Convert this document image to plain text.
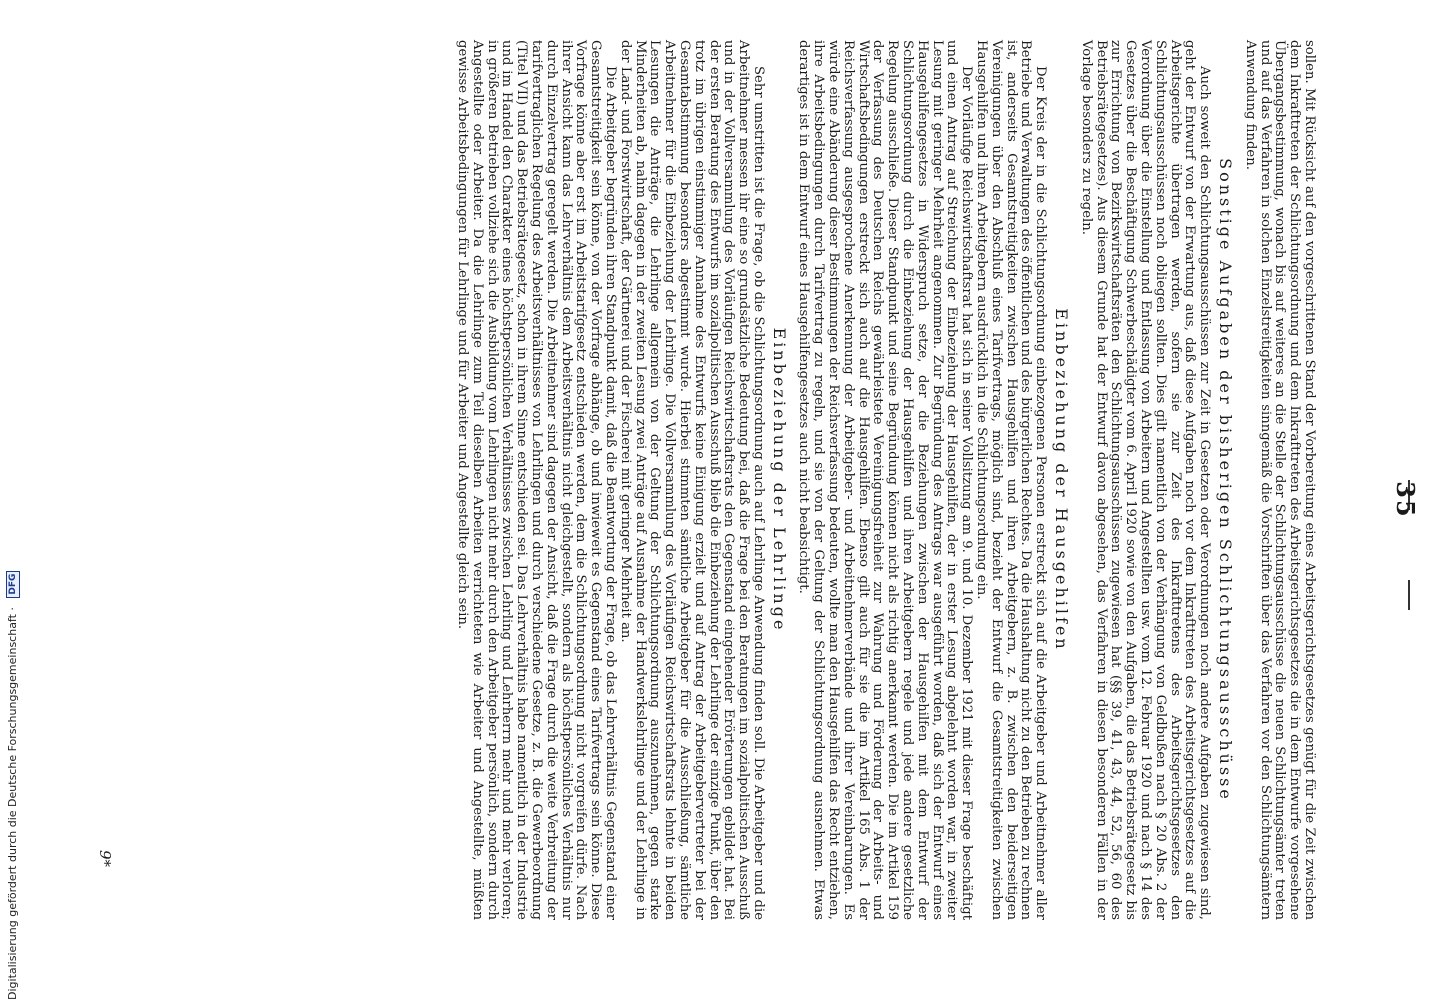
35

sollen. Mit Rücksicht auf den vorgeschrittenen Stand der Vorbereitung eines Arbeitsgerichtsgesetzes genügt für die Zeit zwischen dem Inkrafttreten der Schlichtungsordnung und dem Inkrafttreten des Arbeitsgerichtsgesetzes die in dem Entwurfe vorgesehene Übergangsbestimmung, wonach bis auf weiteres an die Stelle der Schlichtungsausschüsse die neuen Schlichtungsämter treten und auf das Verfahren in solchen Einzelstreitigkeiten sinngemäß die Vorschriften über das Verfahren vor den Schlichtungsämtern Anwendung finden.

Sonstige Aufgaben der bisherigen Schlichtungsausschüsse

Auch soweit den Schlichtungsausschüssen zur Zeit in Gesetzen oder Verordnungen noch andere Aufgaben zugewiesen sind, geht der Entwurf von der Erwartung aus, daß diese Aufgaben noch vor dem Inkrafttreten des Arbeitsgerichtsgesetzes auf die Arbeitsgerichte übertragen werden, sofern sie zur Zeit des Inkrafttretens des Arbeitsgerichtsgesetzes den Schlichtungsausschüssen noch obliegen sollten. Dies gilt namentlich von der Verhängung von Geldbußen nach § 20 Abs. 2 der Verordnung über die Einstellung und Entlassung von Arbeitern und Angestellten usw. vom 12. Februar 1920 und nach § 14 des Gesetzes über die Beschäftigung Schwerbeschädigter vom 6. April 1920 sowie von den Aufgaben, die das Betriebsrätegesetz bis zur Errichtung von Bezirkswirtschaftsräten den Schlichtungsausschüssen zugewiesen hat (§§ 39, 41, 43, 44, 52, 56, 60 des Betriebsrätegesetzes). Aus diesem Grunde hat der Entwurf davon abgesehen, das Verfahren in diesen besonderen Fällen in der Vorlage besonders zu regeln.

Einbeziehung der Hausgehilfen

Der Kreis der in die Schlichtungsordnung einbezogenen Personen erstreckt sich auf die Arbeitgeber und Arbeitnehmer aller Betriebe und Verwaltungen des öffentlichen und des bürgerlichen Rechtes. Da die Haushaltung nicht zu den Betrieben zu rechnen ist, anderseits Gesamtstreitigkeiten zwischen Hausgehilfen und ihren Arbeitgebern, z. B. zwischen den beiderseitigen Vereinigungen über den Abschluß eines Tarifvertrags, möglich sind, bezieht der Entwurf die Gesamtstreitigkeiten zwischen Hausgehilfen und ihren Arbeitgebern ausdrücklich in die Schlichtungsordnung ein.

Der Vorläufige Reichswirtschaftsrat hat sich in seiner Vollsitzung am 9. und 10. Dezember 1921 mit dieser Frage beschäftigt und einen Antrag auf Streichung der Einbeziehung der Hausgehilfen, der in erster Lesung abgelehnt worden war, in zweiter Lesung mit geringer Mehrheit angenommen. Zur Begründung des Antrags war ausgeführt worden, daß sich der Entwurf eines Hausgehilfengesetzes in Widerspruch setze, der die Beziehungen zwischen der Hausgehilfen mit dem Entwurf der Schlichtungsordnung durch die Einbeziehung der Hausgehilfen und ihren Arbeitgebern regele und jede andere gesetzliche Regelung ausschließe. Dieser Standpunkt und seine Begründung können nicht als richtig anerkannt werden. Die im Artikel 159 der Verfassung des Deutschen Reichs gewährleistete Vereinigungsfreiheit zur Wahrung und Förderung der Arbeits- und Wirtschaftsbedingungen erstreckt sich auch auf die Hausgehilfen. Ebenso gilt auch für sie die im Artikel 165 Abs. 1 der Reichsverfassung ausgesprochene Anerkennung der Arbeitgeber- und Arbeitnehmerverbände und ihrer Vereinbarungen. Es würde eine Abänderung dieser Bestimmungen der Reichsverfassung bedeuten, wollte man den Hausgehilfen das Recht entziehen, ihre Arbeitsbedingungen durch Tarifvertrag zu regeln, und sie von der Geltung der Schlichtungsordnung ausnehmen. Etwas derartiges ist in dem Entwurf eines Hausgehilfengesetzes auch nicht beabsichtigt.

Einbeziehung der Lehrlinge

Sehr umstritten ist die Frage, ob die Schlichtungsordnung auch auf Lehrlinge Anwendung finden soll. Die Arbeitgeber und die Arbeitnehmer messen ihr eine so grundsätzliche Bedeutung bei, daß die Frage bei den Beratungen im sozialpolitischen Ausschuß und in der Vollversammlung des Vorläufigen Reichswirtschaftsrats den Gegenstand eingehender Erörterungen gebildet hat. Bei der ersten Beratung des Entwurfs im sozialpolitischen Ausschuß blieb die Einbeziehung der Lehrlinge der einzige Punkt, über den trotz im übrigen einstimmiger Annahme des Entwurfs keine Einigung erzielt und auf Antrag der Arbeitgebervertreter bei der Gesamtabstimmung besonders abgestimmt wurde. Hierbei stimmten sämtliche Arbeitgeber für die Ausschließung, sämtliche Arbeitnehmer für die Einbeziehung der Lehrlinge. Die Vollversammlung des Vorläufigen Reichswirtschaftsrats lehnte in beiden Lesungen die Anträge, die Lehrlinge allgemein von der Geltung der Schlichtungsordnung auszunehmen, gegen starke Minderheiten ab, nahm dagegen in der zweiten Lesung zwei Anträge auf Ausnahme der Handwerkslehrlinge und der Lehrlinge in der Land- und Forstwirtschaft, der Gärtnerei und der Fischerei mit geringer Mehrheit an.

Die Arbeitgeber begründen ihren Standpunkt damit, daß die Beantwortung der Frage, ob das Lehrverhältnis Gegenstand einer Gesamtstreitigkeit sein könne, von der Vorfrage abhänge, ob und inwieweit es Gegenstand eines Tarifvertrags sein könne. Diese Vorfrage könne aber erst im Arbeitstarifgesetz entschieden werden, dem die Schlichtungsordnung nicht vorgreifen dürfe. Nach ihrer Ansicht kann das Lehrverhältnis dem Arbeitsverhältnis nicht gleichgestellt, sondern als höchstpersönliches Verhältnis nur durch Einzelvertrag geregelt werden. Die Arbeitnehmer sind dagegen der Ansicht, daß die Frage durch die weite Verbreitung der tarifvertraglichen Regelung des Arbeitsverhältnisses von Lehrlingen und durch verschiedene Gesetze, z. B. die Gewerbeordnung (Titel VII) und das Betriebsrätegesetz, schon in ihrem Sinne entschieden sei. Das Lehrverhältnis habe namentlich in der Industrie und im Handel den Charakter eines höchstpersönlichen Verhältnisses zwischen Lehrling und Lehrherrn mehr und mehr verloren; in größeren Betrieben vollziehe sich die Ausbildung vom Lehrlingen nicht mehr durch den Arbeitgeber persönlich, sondern durch Angestellte oder Arbeiter. Da die Lehrlinge zum Teil dieselben Arbeiten verrichteten wie Arbeiter und Angestellte, müßten gewisse Arbeitsbedingungen für Lehrlinge und für Arbeiter und Angestellte gleich sein.

9*
Digitalisierung gefördert durch die Deutsche Forschungsgemeinschaft · DFG
